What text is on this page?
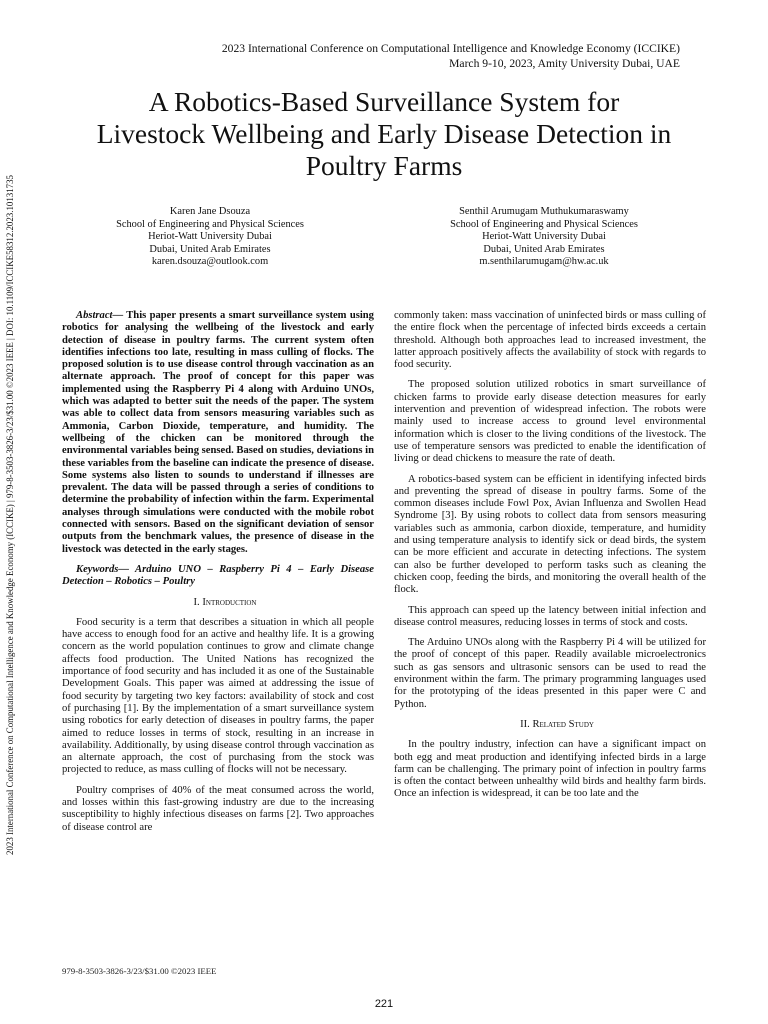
2023 International Conference on Computational Intelligence and Knowledge Economy (ICCIKE)
March 9-10, 2023, Amity University Dubai, UAE
2023 International Conference on Computational Intelligence and Knowledge Economy (ICCIKE) | 979-8-3503-3826-3/23/$31.00 ©2023 IEEE | DOI: 10.1109/ICCIKE58312.2023.10131735
A Robotics-Based Surveillance System for
Livestock Wellbeing and Early Disease Detection in
Poultry Farms
Karen Jane Dsouza
School of Engineering and Physical Sciences
Heriot-Watt University Dubai
Dubai, United Arab Emirates
karen.dsouza@outlook.com
Senthil Arumugam Muthukumaraswamy
School of Engineering and Physical Sciences
Heriot-Watt University Dubai
Dubai, United Arab Emirates
m.senthilarumugam@hw.ac.uk

Abstract— This paper presents a smart surveillance system using robotics for analysing the wellbeing of the livestock and early detection of disease in poultry farms. The current system often identifies infections too late, resulting in mass culling of flocks. The proposed solution is to use disease control through vaccination as an alternate approach. The proof of concept for this paper was implemented using the Raspberry Pi 4 along with Arduino UNOs, which was adapted to better suit the needs of the paper. The system was able to collect data from sensors measuring variables such as Ammonia, Carbon Dioxide, temperature, and humidity. The wellbeing of the chicken can be monitored through the environmental variables being sensed. Based on studies, deviations in these variables from the baseline can indicate the presence of disease. Some systems also listen to sounds to understand if illnesses are prevalent. The data will be passed through a series of conditions to determine the probability of infection within the farm. Experimental analyses through simulations were conducted with the mobile robot connected with sensors. Based on the significant deviation of sensor outputs from the benchmark values, the presence of disease in the livestock was detected in the early stages.

Keywords— Arduino UNO – Raspberry Pi 4 – Early Disease Detection – Robotics – Poultry

I. Introduction

Food security is a term that describes a situation in which all people have access to enough food for an active and healthy life. It is a growing concern as the world population continues to grow and climate change affects food production. The United Nations has recognized the importance of food security and has included it as one of the Sustainable Development Goals. This paper was aimed at addressing the issue of food security by targeting two key factors: availability of stock and cost of purchasing [1]. By the implementation of a smart surveillance system using robotics for early detection of diseases in poultry farms, the paper aimed to reduce losses in terms of stock, resulting in an increase in availability. Additionally, by using disease control through vaccination as an alternate approach, the cost of purchasing from the stock was projected to reduce, as mass culling of flocks will not be necessary.

Poultry comprises of 40% of the meat consumed across the world, and losses within this fast-growing industry are due to the increasing susceptibility to highly infectious diseases on farms [2]. Two approaches of disease control are

commonly taken: mass vaccination of uninfected birds or mass culling of the entire flock when the percentage of infected birds exceeds a certain threshold. Although both approaches lead to increased investment, the latter approach positively affects the availability of stock with regards to food security.

The proposed solution utilized robotics in smart surveillance of chicken farms to provide early disease detection measures for early intervention and prevention of widespread infection. The robots were mainly used to increase access to ground level environmental information which is closer to the living conditions of the livestock. The use of temperature sensors was predicted to enable the identification of living or dead chickens to measure the rate of death.

A robotics-based system can be efficient in identifying infected birds and preventing the spread of disease in poultry farms. Some of the common diseases include Fowl Pox, Avian Influenza and Swollen Head Syndrome [3]. By using robots to collect data from sensors measuring variables such as ammonia, carbon dioxide, temperature, and humidity and using temperature analysis to identify sick or dead birds, the system can be more efficient and accurate in detecting infections. The system can also be further developed to perform tasks such as cleaning the chicken coop, feeding the birds, and monitoring the overall health of the flock.

This approach can speed up the latency between initial infection and disease control measures, reducing losses in terms of stock and costs.

The Arduino UNOs along with the Raspberry Pi 4 will be utilized for the proof of concept of this paper. Readily available microelectronics such as gas sensors and ultrasonic sensors can be used to read the environment within the farm. The primary programming languages used for the prototyping of the ideas presented in this paper were C and Python.

II. Related Study

In the poultry industry, infection can have a significant impact on both egg and meat production and identifying infected birds in a large farm can be challenging. The primary point of infection in poultry farms is often the contact between unhealthy wild birds and healthy farm birds. Once an infection is widespread, it can be too late and the

979-8-3503-3826-3/23/$31.00 ©2023 IEEE
221
